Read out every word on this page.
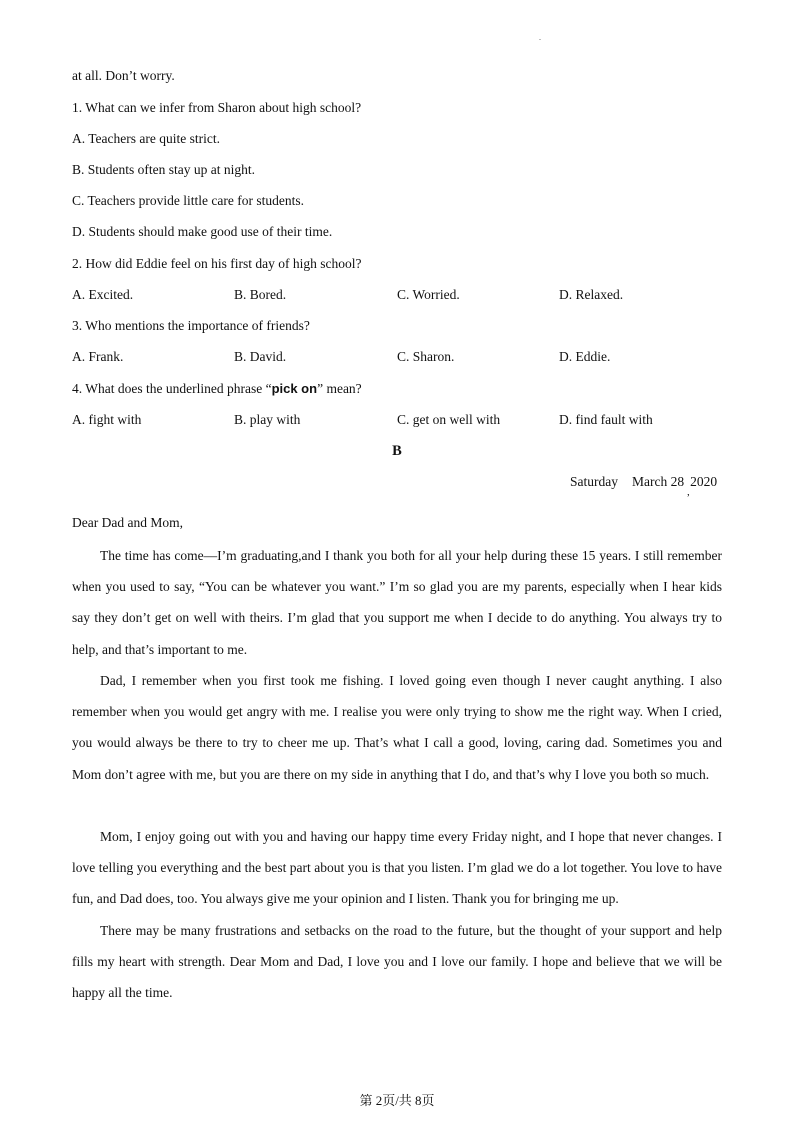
.
at all. Don’t worry.
1. What can we infer from Sharon about high school?
A. Teachers are quite strict.
B. Students often stay up at night.
C. Teachers provide little care for students.
D. Students should make good use of their time.
2. How did Eddie feel on his first day of high school?
A. Excited.	B. Bored.	C. Worried.	D. Relaxed.
3. Who mentions the importance of friends?
A. Frank.	B. David.	C. Sharon.	D. Eddie.
4. What does the underlined phrase “pick on” mean?
A. fight with	B. play with	C. get on well with	D. find fault with
B
Saturday March 28 2020
,
Dear Dad and Mom,

The time has come—I’m graduating,and I thank you both for all your help during these 15 years. I still remember when you used to say, “You can be whatever you want.” I’m so glad you are my parents, especially when I hear kids say they don’t get on well with theirs. I’m glad that you support me when I decide to do anything. You always try to help, and that’s important to me.

Dad, I remember when you first took me fishing. I loved going even though I never caught anything. I also remember when you would get angry with me. I realise you were only trying to show me the right way. When I cried, you would always be there to try to cheer me up. That’s what I call a good, loving, caring dad. Sometimes you and Mom don’t agree with me, but you are there on my side in anything that I do, and that’s why I love you both so much.

Mom, I enjoy going out with you and having our happy time every Friday night, and I hope that never changes. I love telling you everything and the best part about you is that you listen. I’m glad we do a lot together. You love to have fun, and Dad does, too. You always give me your opinion and I listen. Thank you for bringing me up.

There may be many frustrations and setbacks on the road to the future, but the thought of your support and help fills my heart with strength. Dear Mom and Dad, I love you and I love our family. I hope and believe that we will be happy all the time.

第 2页/共 8页
